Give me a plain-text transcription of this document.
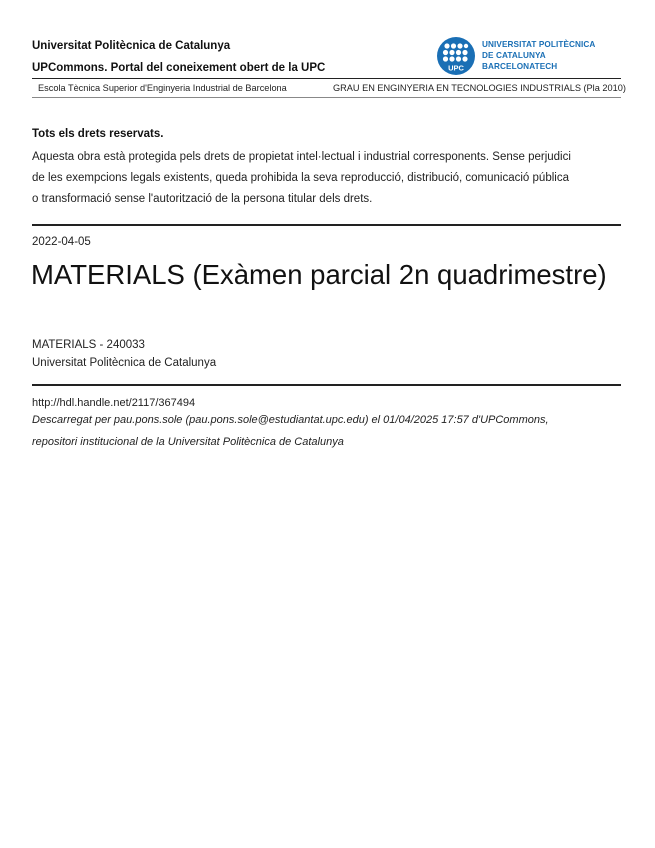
Universitat Politècnica de Catalunya
UPCommons. Portal del coneixement obert de la UPC	UPC
UNIVERSITAT POLITÈCNICA
DE CATALUNYA
BARCELONATECH
Escola Tècnica Superior d'Enginyeria Industrial de Barcelona	GRAU EN ENGINYERIA EN TECNOLOGIES INDUSTRIALS (Pla 2010)
Tots els drets reservats.
Aquesta obra està protegida pels drets de propietat intel·lectual i industrial corresponents. Sense perjudici
de les exempcions legals existents, queda prohibida la seva reproducció, distribució, comunicació pública
o transformació sense l'autorització de la persona titular dels drets.
2022-04-05
MATERIALS (Exàmen parcial 2n quadrimestre)
MATERIALS - 240033
Universitat Politècnica de Catalunya
http://hdl.handle.net/2117/367494
Descarregat per pau.pons.sole (pau.pons.sole@estudiantat.upc.edu) el 01/04/2025 17:57 d'UPCommons,
repositori institucional de la Universitat Politècnica de Catalunya
